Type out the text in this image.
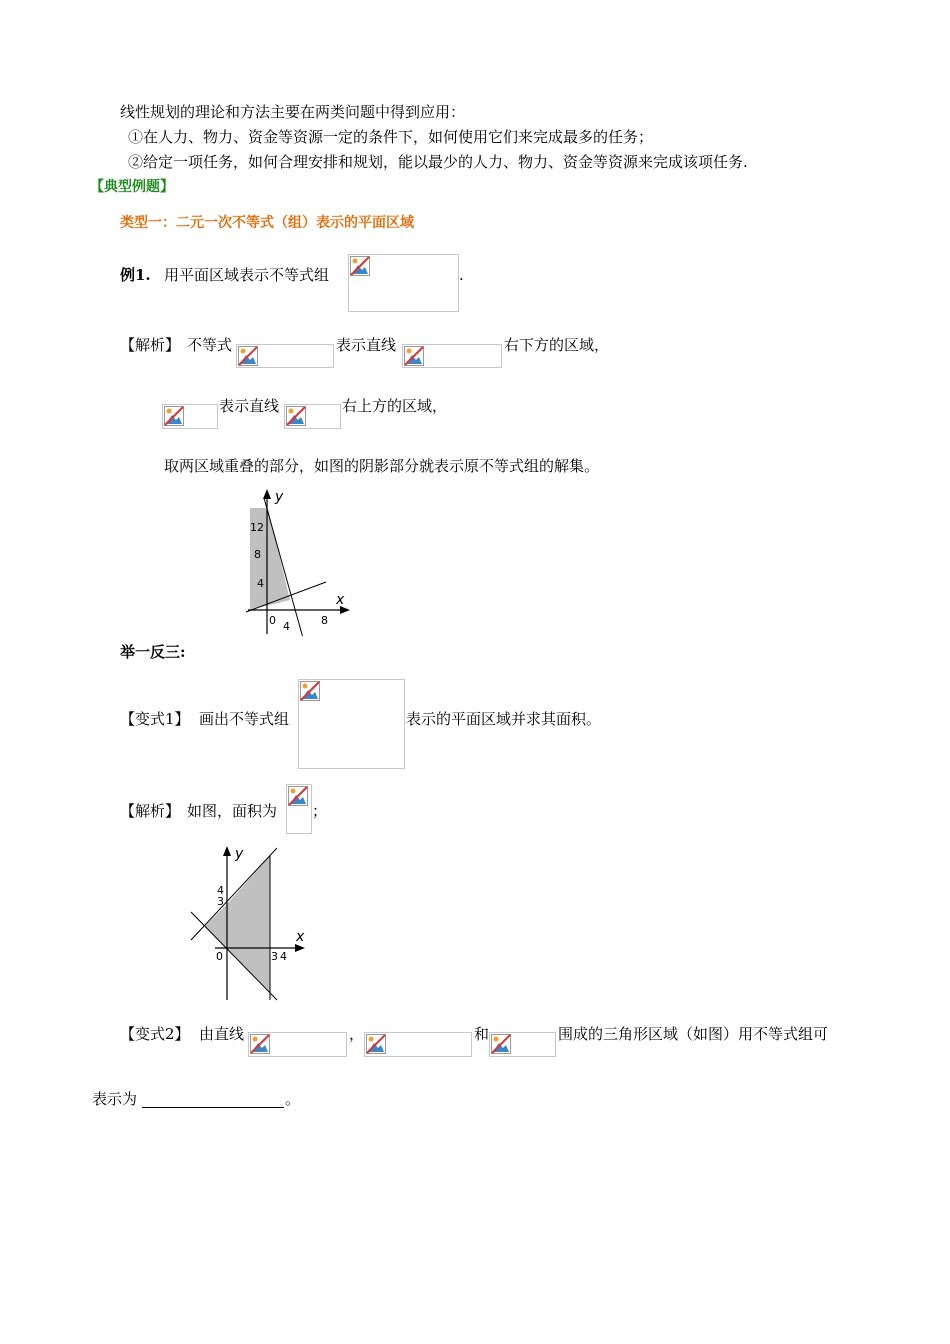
线性规划的理论和方法主要在两类问题中得到应用：
①在人力、物力、资金等资源一定的条件下，如何使用它们来完成最多的任务；
②给定一项任务，如何合理安排和规划，能以最少的人力、物力、资金等资源来完成该项任务.
【典型例题】
类型一：二元一次不等式（组）表示的平面区域
例1. 用平面区域表示不等式组	.
【解析】 不等式	表示直线	右下方的区域，
表示直线	右上方的区域，
取两区域重叠的部分，如图的阴影部分就表示原不等式组的解集。
y
x
12
8
4
0 4	8
举一反三:
【变式1】 画出不等式组	表示的平面区域并求其面积。
【解析】 如图，面积为 ；
y
x
4
3
0	3 4
【变式2】 由直线	，	和	围成的三角形区域（如图）用不等式组可
表示为	。
